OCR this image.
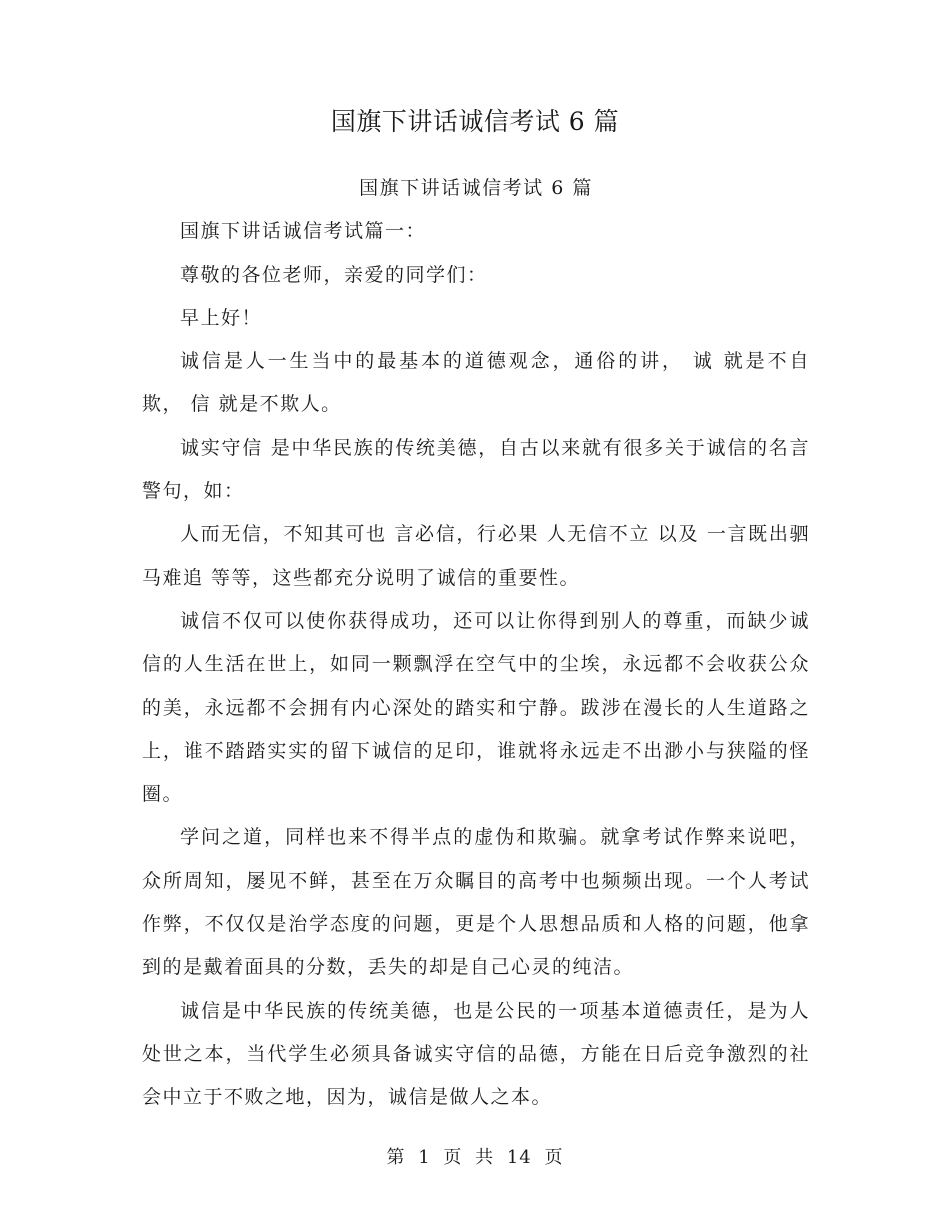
国旗下讲话诚信考试 6 篇

国旗下讲话诚信考试 6 篇

国旗下讲话诚信考试篇一：

尊敬的各位老师，亲爱的同学们：

早上好！

诚信是人一生当中的最基本的道德观念，通俗的讲， 诚 就是不自欺， 信 就是不欺人。

诚实守信 是中华民族的传统美德，自古以来就有很多关于诚信的名言警句，如：

人而无信，不知其可也 言必信，行必果 人无信不立 以及 一言既出驷马难追 等等，这些都充分说明了诚信的重要性。

诚信不仅可以使你获得成功，还可以让你得到别人的尊重，而缺少诚信的人生活在世上，如同一颗飘浮在空气中的尘埃，永远都不会收获公众的美，永远都不会拥有内心深处的踏实和宁静。跋涉在漫长的人生道路之上，谁不踏踏实实的留下诚信的足印，谁就将永远走不出渺小与狭隘的怪圈。

学问之道，同样也来不得半点的虚伪和欺骗。就拿考试作弊来说吧，众所周知，屡见不鲜，甚至在万众瞩目的高考中也频频出现。一个人考试作弊，不仅仅是治学态度的问题，更是个人思想品质和人格的问题，他拿到的是戴着面具的分数，丢失的却是自己心灵的纯洁。

诚信是中华民族的传统美德，也是公民的一项基本道德责任，是为人处世之本，当代学生必须具备诚实守信的品德，方能在日后竞争激烈的社会中立于不败之地，因为，诚信是做人之本。

第 1 页 共 14 页
